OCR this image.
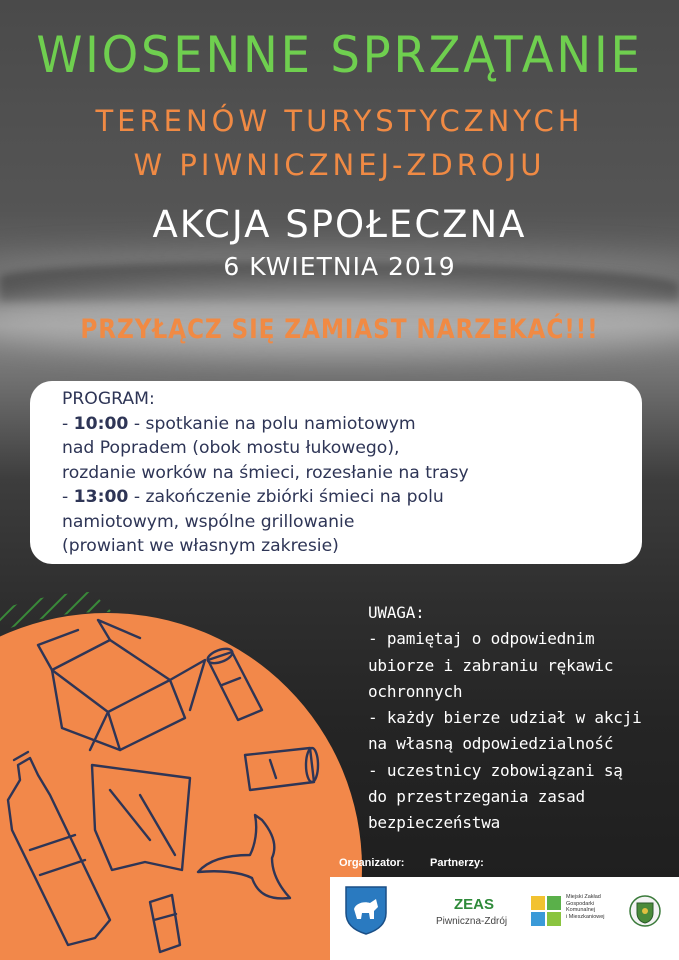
WIOSENNE SPRZĄTANIE
TERENÓW TURYSTYCZNYCH
W PIWNICZNEJ-ZDROJU
AKCJA SPOŁECZNA
6 KWIETNIA 2019
PRZYŁĄCZ SIĘ ZAMIAST NARZEKAĆ!!!
PROGRAM:
- 10:00 - spotkanie na polu namiotowym
nad Popradem (obok mostu łukowego),
rozdanie worków na śmieci, rozesłanie na trasy
- 13:00 - zakończenie zbiórki śmieci na polu
namiotowym, wspólne grillowanie
(prowiant we własnym zakresie)
UWAGA:
- pamiętaj o odpowiednim
ubiorze i zabraniu rękawic
ochronnych
- każdy bierze udział w akcji
na własną odpowiedzialność
- uczestnicy zobowiązani są
do przestrzegania zasad
bezpieczeństwa
Organizator: Partnerzy:
ZEAS
Piwniczna-Zdrój
Miejski Zakład
Gospodarki
Komunalnej
i Mieszkaniowej
